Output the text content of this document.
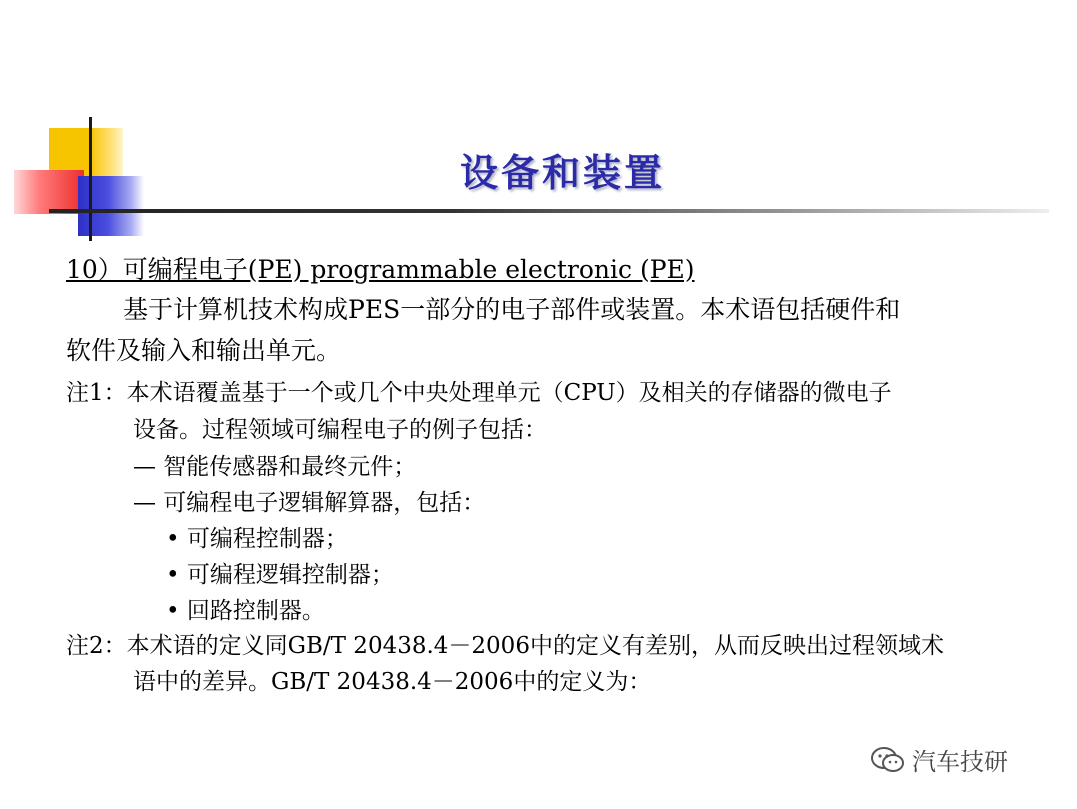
设备和装置
10）可编程电子(PE) programmable electronic (PE)
基于计算机技术构成PES一部分的电子部件或装置。本术语包括硬件和
软件及输入和输出单元。
注1：本术语覆盖基于一个或几个中央处理单元（CPU）及相关的存储器的微电子
设备。过程领域可编程电子的例子包括：
— 智能传感器和最终元件；
— 可编程电子逻辑解算器，包括：
• 可编程控制器；
• 可编程逻辑控制器；
• 回路控制器。
注2：本术语的定义同GB/T 20438.4－2006中的定义有差别，从而反映出过程领域术
语中的差异。GB/T 20438.4－2006中的定义为：
汽车技研
